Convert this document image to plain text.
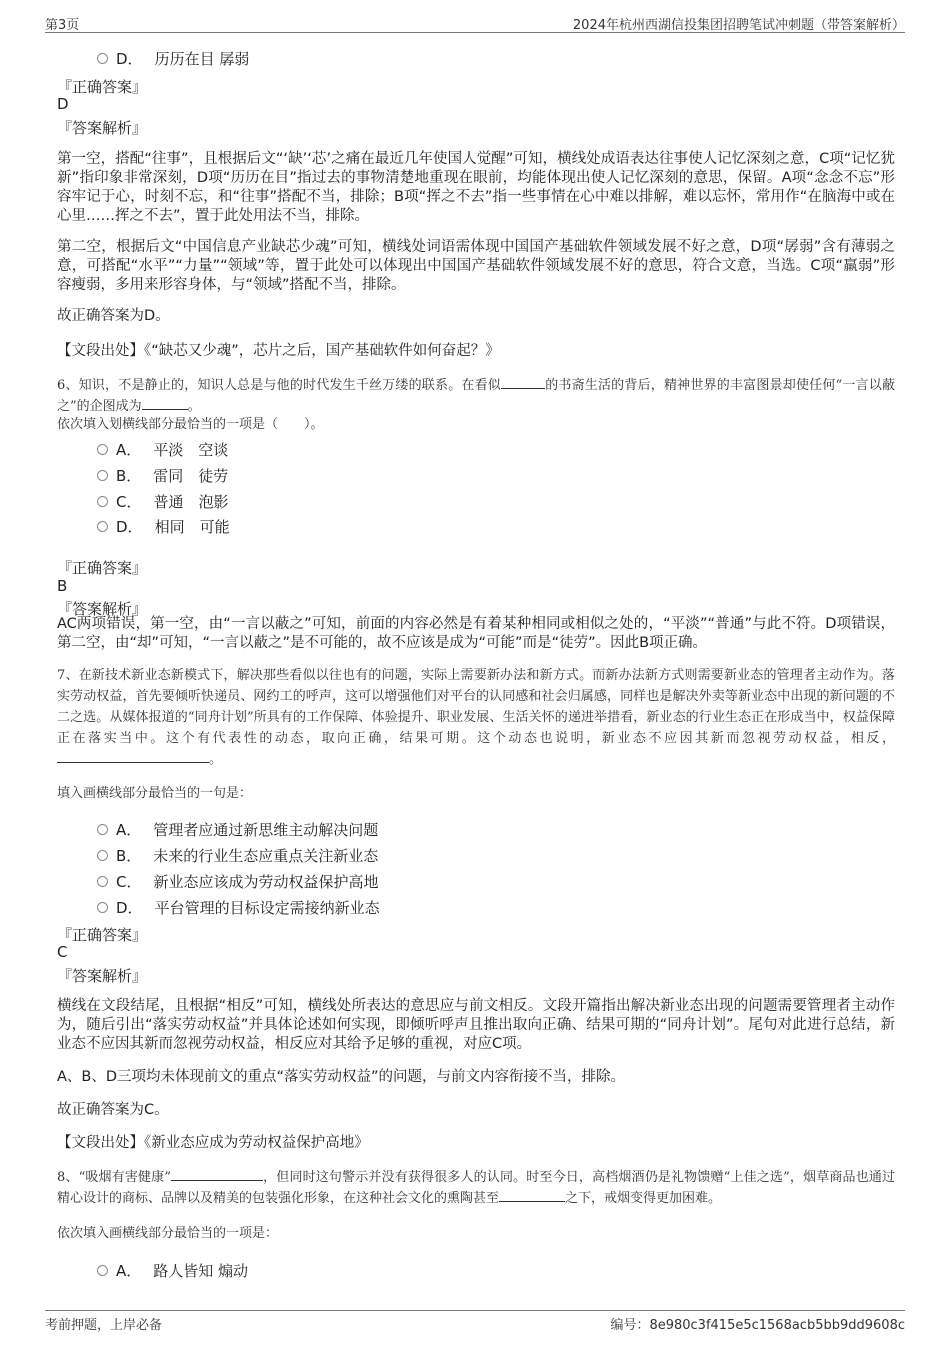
第3页	2024年杭州西湖信投集团招聘笔试冲刺题（带答案解析）
D． 历历在目 孱弱
『正确答案』
D
『答案解析』
第一空，搭配“往事”，且根据后文“‘缺’‘芯’之痛在最近几年使国人觉醒”可知，横线处成语表达往事使人记忆深刻之意，C项“记忆犹新”指印象非常深刻，D项“历历在目”指过去的事物清楚地重现在眼前，均能体现出使人记忆深刻的意思，保留。A项“念念不忘”形容牢记于心，时刻不忘，和“往事”搭配不当，排除；B项“挥之不去”指一些事情在心中难以排解，难以忘怀，常用作“在脑海中或在心里……挥之不去”，置于此处用法不当，排除。
第二空，根据后文“中国信息产业缺芯少魂”可知，横线处词语需体现中国国产基础软件领域发展不好之意，D项“孱弱”含有薄弱之意，可搭配“水平”“力量”“领域”等，置于此处可以体现出中国国产基础软件领域发展不好的意思，符合文意，当选。C项“羸弱”形容瘦弱，多用来形容身体，与“领域”搭配不当，排除。
故正确答案为D。
【文段出处】《“缺芯又少魂”，芯片之后，国产基础软件如何奋起？》
6、知识，不是静止的，知识人总是与他的时代发生千丝万缕的联系。在看似	的书斋生活的背后，精神世界的丰富图景却使任何“一言以蔽之”的企图成为	。
依次填入划横线部分最恰当的一项是（　　）。
A． 平淡　空谈
B． 雷同　徒劳
C． 普通　泡影
D． 相同　可能
『正确答案』
B
『答案解析』
AC两项错误，第一空，由“一言以蔽之”可知，前面的内容必然是有着某种相同或相似之处的，“平淡”“普通”与此不符。D项错误，第二空，由“却”可知，“一言以蔽之”是不可能的，故不应该是成为“可能”而是“徒劳”。因此B项正确。
7、在新技术新业态新模式下，解决那些看似以往也有的问题，实际上需要新办法和新方式。而新办法新方式则需要新业态的管理者主动作为。落实劳动权益，首先要倾听快递员、网约工的呼声，这可以增强他们对平台的认同感和社会归属感，同样也是解决外卖等新业态中出现的新问题的不二之选。从媒体报道的“同舟计划”所具有的工作保障、体验提升、职业发展、生活关怀的递进举措看，新业态的行业生态正在形成当中，权益保障正在落实当中。这个有代表性的动态，取向正确，结果可期。这个动态也说明，新业态不应因其新而忽视劳动权益，相反，。
填入画横线部分最恰当的一句是：
A． 管理者应通过新思维主动解决问题
B． 未来的行业生态应重点关注新业态
C． 新业态应该成为劳动权益保护高地
D． 平台管理的目标设定需接纳新业态
『正确答案』
C
『答案解析』
横线在文段结尾，且根据“相反”可知，横线处所表达的意思应与前文相反。文段开篇指出解决新业态出现的问题需要管理者主动作为，随后引出“落实劳动权益”并具体论述如何实现，即倾听呼声且推出取向正确、结果可期的“同舟计划”。尾句对此进行总结，新业态不应因其新而忽视劳动权益，相反应对其给予足够的重视，对应C项。
A、B、D三项均未体现前文的重点“落实劳动权益”的问题，与前文内容衔接不当，排除。
故正确答案为C。
【文段出处】《新业态应成为劳动权益保护高地》
8、“吸烟有害健康”	，但同时这句警示并没有获得很多人的认同。时至今日，高档烟酒仍是礼物馈赠“上佳之选”，烟草商品也通过精心设计的商标、品牌以及精美的包装强化形象，在这种社会文化的熏陶甚至	之下，戒烟变得更加困难。
依次填入画横线部分最恰当的一项是：
A． 路人皆知 煽动
考前押题，上岸必备	编号：8e980c3f415e5c1568acb5bb9dd9608c
